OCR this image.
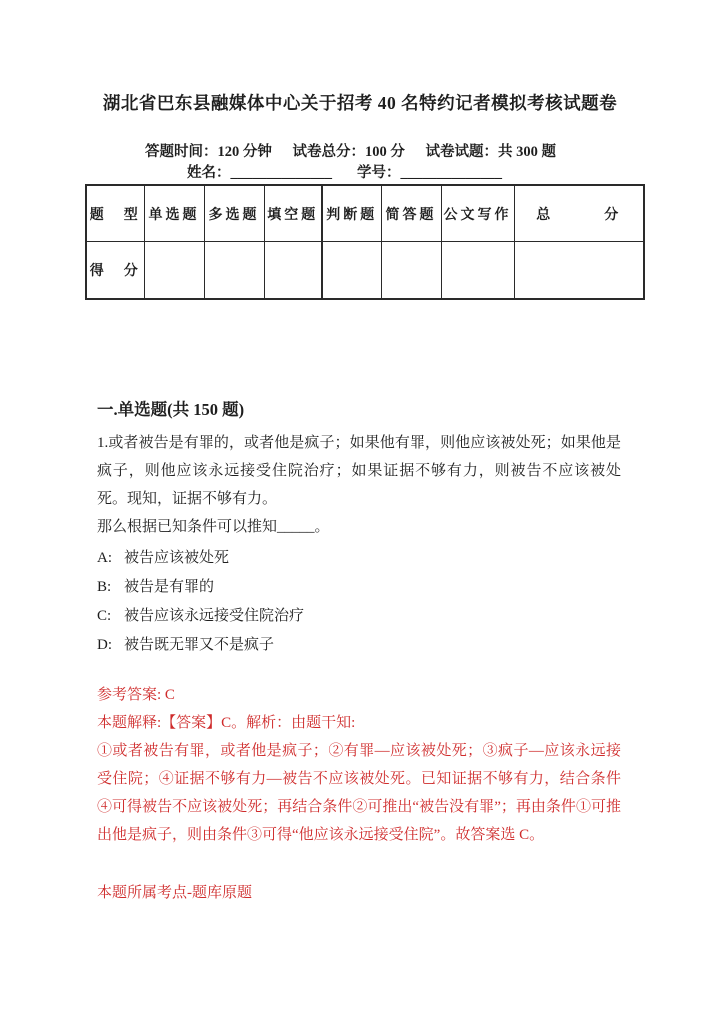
湖北省巴东县融媒体中心关于招考 40 名特约记者模拟考核试题卷
答题时间：120 分钟 试卷总分：100 分 试卷试题：共 300 题
姓名：______________ 学号：______________
题　型	单选题	多选题	填空题	判断题	简答题	公文写作	总　　　分
得　分							
一.单选题(共 150 题)
1.或者被告是有罪的，或者他是疯子；如果他有罪，则他应该被处死；如果他是疯子，则他应该永远接受住院治疗；如果证据不够有力，则被告不应该被处死。现知，证据不够有力。
那么根据已知条件可以推知_____。
A: 被告应该被处死
B: 被告是有罪的
C: 被告应该永远接受住院治疗
D: 被告既无罪又不是疯子
参考答案: C
本题解释:【答案】C。解析：由题干知:
①或者被告有罪，或者他是疯子；②有罪—应该被处死；③疯子—应该永远接受住院；④证据不够有力—被告不应该被处死。已知证据不够有力，结合条件④可得被告不应该被处死；再结合条件②可推出“被告没有罪”；再由条件①可推出他是疯子，则由条件③可得“他应该永远接受住院”。故答案选 C。
本题所属考点-题库原题
